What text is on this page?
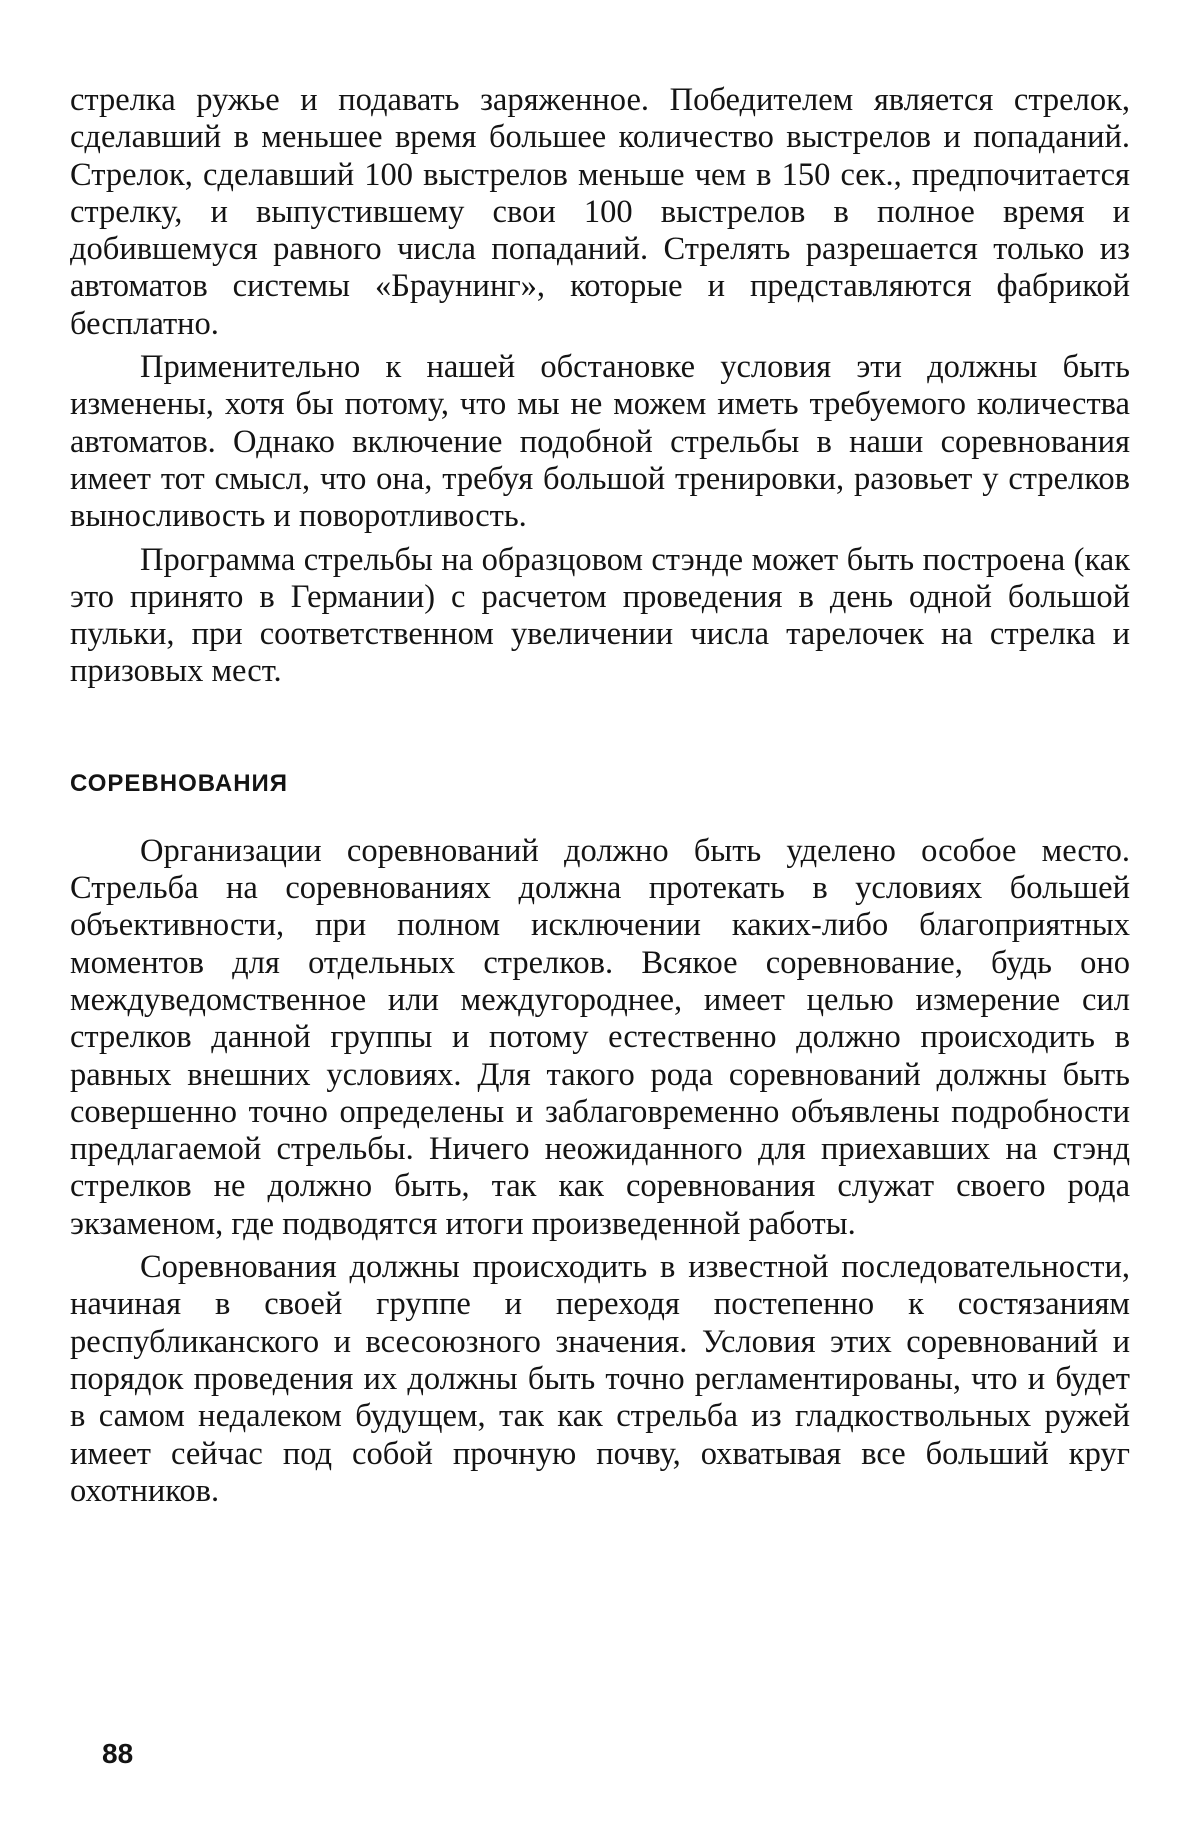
стрелка ружье и подавать заряженное. Победителем является стрелок, сделавший в меньшее время большее количество выстрелов и попаданий. Стрелок, сделавший 100 выстрелов меньше чем в 150 сек., предпочитается стрелку, и выпустившему свои 100 выстрелов в полное время и добившемуся равного числа попаданий. Стрелять разрешается только из автоматов системы «Браунинг», которые и представляются фабрикой бесплатно.

Применительно к нашей обстановке условия эти должны быть изменены, хотя бы потому, что мы не можем иметь требуемого количества автоматов. Однако включение подобной стрельбы в наши соревнования имеет тот смысл, что она, требуя большой тренировки, разовьет у стрелков выносливость и поворотливость.

Программа стрельбы на образцовом стэнде может быть построена (как это принято в Германии) с расчетом проведения в день одной большой пульки, при соответственном увеличении числа тарелочек на стрелка и призовых мест.

СОРЕВНОВАНИЯ

Организации соревнований должно быть уделено особое место. Стрельба на соревнованиях должна протекать в условиях большей объективности, при полном исключении каких-либо благоприятных моментов для отдельных стрелков. Всякое соревнование, будь оно междуведомственное или междугороднее, имеет целью измерение сил стрелков данной группы и потому естественно должно происходить в равных внешних условиях. Для такого рода соревнований должны быть совершенно точно определены и заблаговременно объявлены подробности предлагаемой стрельбы. Ничего неожиданного для приехавших на стэнд стрелков не должно быть, так как соревнования служат своего рода экзаменом, где подводятся итоги произведенной работы.

Соревнования должны происходить в известной последовательности, начиная в своей группе и переходя постепенно к состязаниям республиканского и всесоюзного значения. Условия этих соревнований и порядок проведения их должны быть точно регламентированы, что и будет в самом недалеком будущем, так как стрельба из гладкоствольных ружей имеет сейчас под собой прочную почву, охватывая все больший круг охотников.

88
